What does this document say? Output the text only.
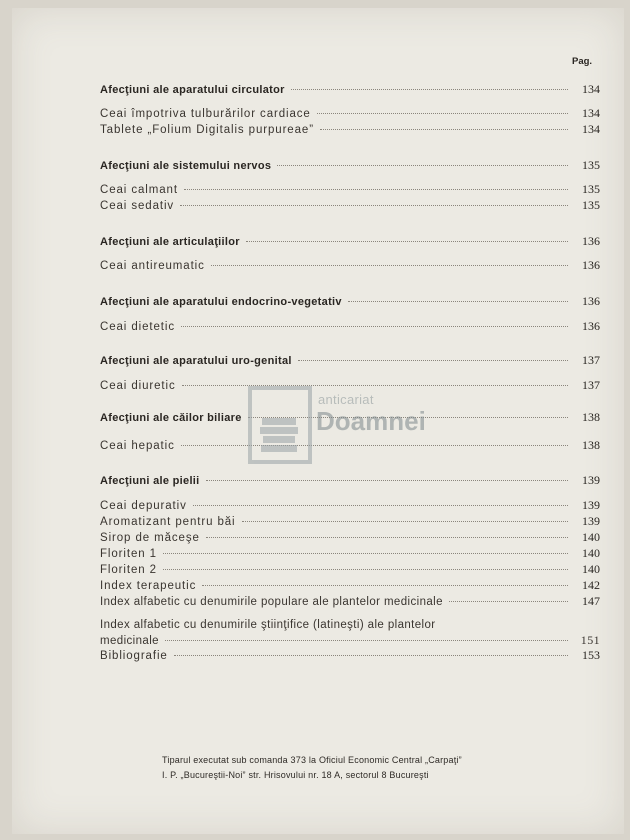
Pag.
Afecţiuni ale aparatului circulator	134
Ceai împotriva tulburărilor cardiace	134
Tablete „Folium Digitalis purpureae”	134
Afecţiuni ale sistemului nervos	135
Ceai calmant	135
Ceai sedativ	135
Afecţiuni ale articulaţiilor	136
Ceai antireumatic	136
Afecţiuni ale aparatului endocrino-vegetativ	136
Ceai dietetic	136
Afecţiuni ale aparatului uro-genital	137
Ceai diuretic	137
Afecţiuni ale căilor biliare	138
Ceai hepatic	138
Afecţiuni ale pielii	139
Ceai depurativ	139
Aromatizant pentru băi	139
Sirop de măceşe	140
Floriten 1	140
Floriten 2	140
Index terapeutic	142
Index alfabetic cu denumirile populare ale plantelor medicinale	147
Index alfabetic cu denumirile ştiinţifice (latineşti) ale plantelor
medicinale	151
Bibliografie	153
anticariat
Doamnei
Tiparul executat sub comanda 373 la Oficiul Economic Central „Carpaţi”
I. P. „Bucureştii-Noi” str. Hrisovului nr. 18 A, sectorul 8 Bucureşti
